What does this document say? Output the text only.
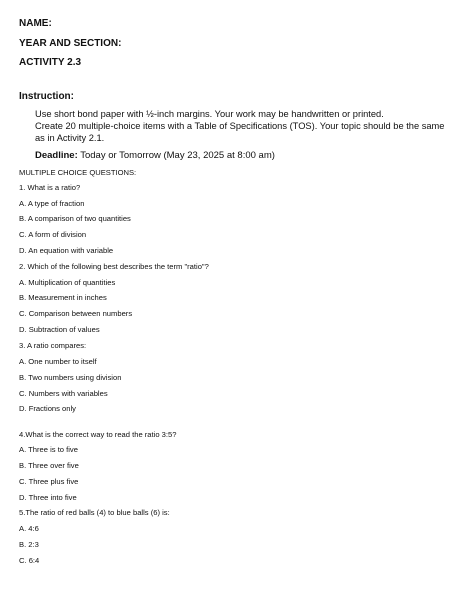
NAME:
YEAR AND SECTION:
ACTIVITY 2.3
Instruction:
Use short bond paper with ½-inch margins. Your work may be handwritten or printed.
Create 20 multiple-choice items with a Table of Specifications (TOS). Your topic should be the same
as in Activity 2.1.
Deadline: Today or Tomorrow (May 23, 2025 at 8:00 am)
MULTIPLE CHOICE QUESTIONS:
1. What is a ratio?
A. A type of fraction
B. A comparison of two quantities
C. A form of division
D. An equation with variable
2. Which of the following best describes the term "ratio"?
A. Multiplication of quantities
B. Measurement in inches
C. Comparison between numbers
D. Subtraction of values
3. A ratio compares:
A. One number to itself
B. Two numbers using division
C. Numbers with variables
D. Fractions only
4.What is the correct way to read the ratio 3:5?
A. Three is to five
B. Three over five
C. Three plus five
D. Three into five
5.The ratio of red balls (4) to blue balls (6) is:
A. 4:6
B. 2:3
C. 6:4
